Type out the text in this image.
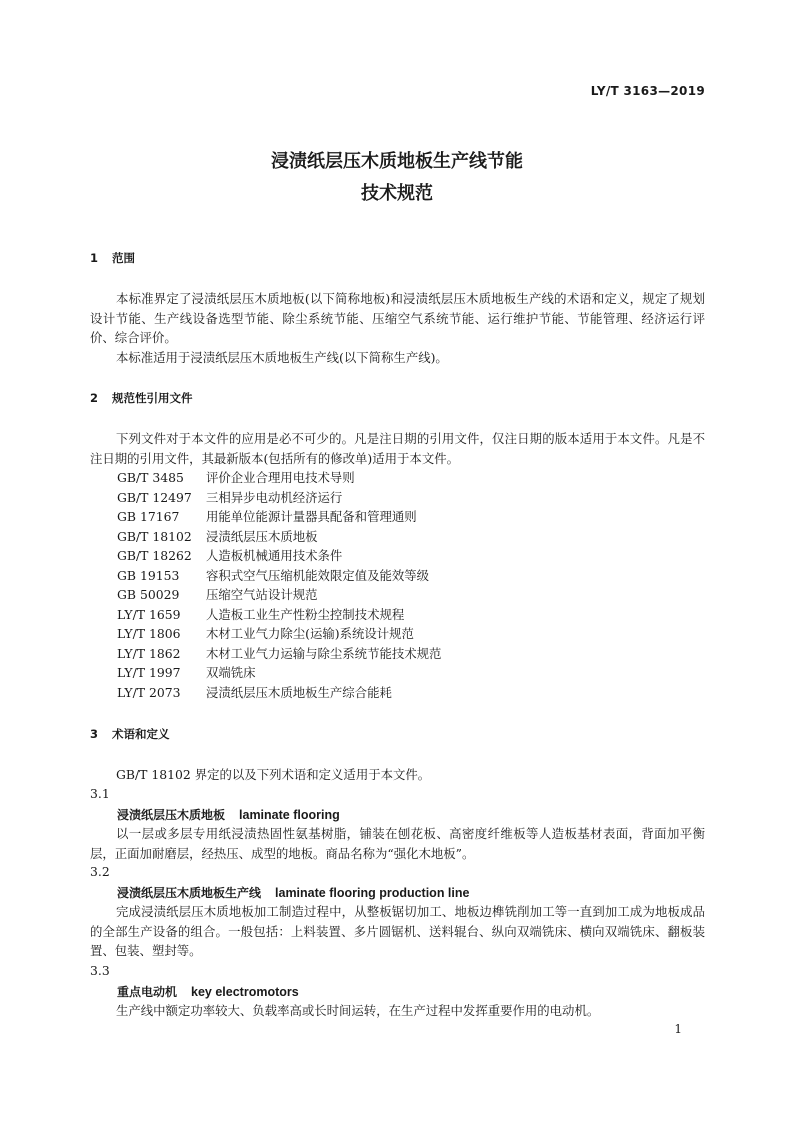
LY/T 3163—2019
浸渍纸层压木质地板生产线节能
技术规范
1 范围
本标准界定了浸渍纸层压木质地板(以下简称地板)和浸渍纸层压木质地板生产线的术语和定义，规定了规划设计节能、生产线设备选型节能、除尘系统节能、压缩空气系统节能、运行维护节能、节能管理、经济运行评价、综合评价。
本标准适用于浸渍纸层压木质地板生产线(以下简称生产线)。
2 规范性引用文件
下列文件对于本文件的应用是必不可少的。凡是注日期的引用文件，仅注日期的版本适用于本文件。凡是不注日期的引用文件，其最新版本(包括所有的修改单)适用于本文件。
GB/T 3485 评价企业合理用电技术导则
GB/T 12497 三相异步电动机经济运行
GB 17167 用能单位能源计量器具配备和管理通则
GB/T 18102 浸渍纸层压木质地板
GB/T 18262 人造板机械通用技术条件
GB 19153 容积式空气压缩机能效限定值及能效等级
GB 50029 压缩空气站设计规范
LY/T 1659 人造板工业生产性粉尘控制技术规程
LY/T 1806 木材工业气力除尘(运输)系统设计规范
LY/T 1862 木材工业气力运输与除尘系统节能技术规范
LY/T 1997 双端铣床
LY/T 2073 浸渍纸层压木质地板生产综合能耗
3 术语和定义
GB/T 18102 界定的以及下列术语和定义适用于本文件。
3.1
浸渍纸层压木质地板 laminate flooring
以一层或多层专用纸浸渍热固性氨基树脂，铺装在刨花板、高密度纤维板等人造板基材表面，背面加平衡层，正面加耐磨层，经热压、成型的地板。商品名称为“强化木地板”。
3.2
浸渍纸层压木质地板生产线 laminate flooring production line
完成浸渍纸层压木质地板加工制造过程中，从整板锯切加工、地板边榫铣削加工等一直到加工成为地板成品的全部生产设备的组合。一般包括：上料装置、多片圆锯机、送料辊台、纵向双端铣床、横向双端铣床、翻板装置、包装、塑封等。
3.3
重点电动机 key electromotors
生产线中额定功率较大、负载率高或长时间运转，在生产过程中发挥重要作用的电动机。
1
